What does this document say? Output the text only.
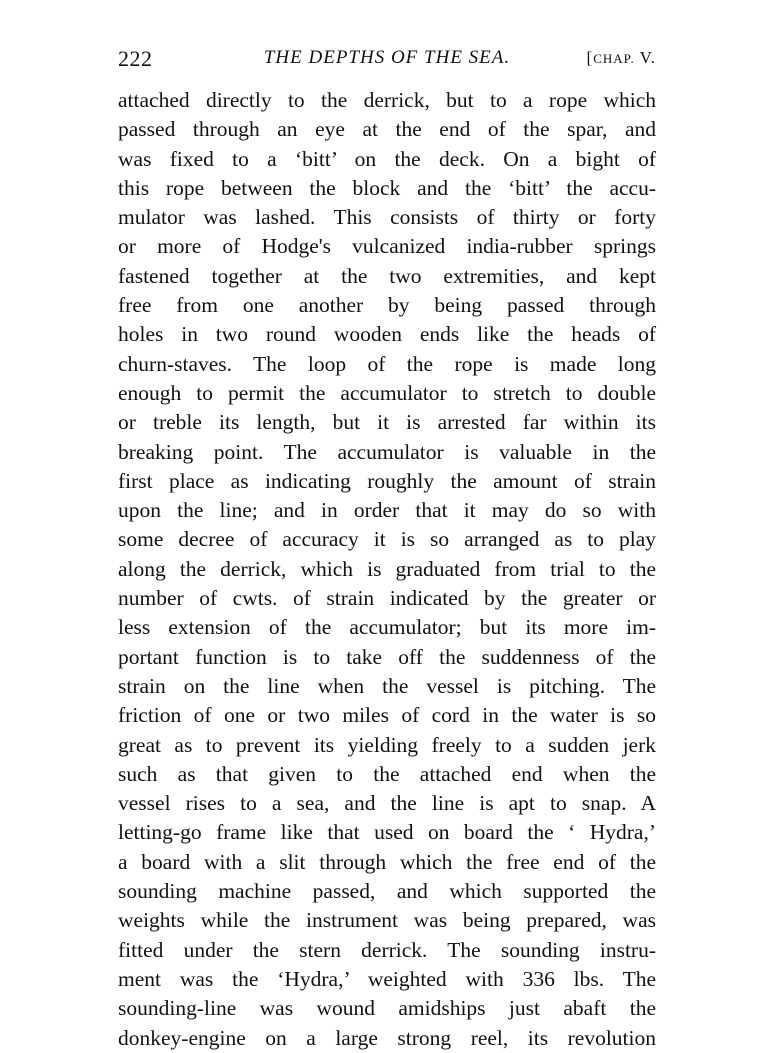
222	THE DEPTHS OF THE SEA.	[CHAP. V.
attached directly to the derrick, but to a rope which
passed through an eye at the end of the spar, and
was fixed to a ‘bitt’ on the deck. On a bight of
this rope between the block and the ‘bitt’ the accu-
mulator was lashed. This consists of thirty or forty
or more of Hodge's vulcanized india-rubber springs
fastened together at the two extremities, and kept
free from one another by being passed through
holes in two round wooden ends like the heads of
churn-staves. The loop of the rope is made long
enough to permit the accumulator to stretch to double
or treble its length, but it is arrested far within its
breaking point. The accumulator is valuable in the
first place as indicating roughly the amount of strain
upon the line; and in order that it may do so with
some decree of accuracy it is so arranged as to play
along the derrick, which is graduated from trial to the
number of cwts. of strain indicated by the greater or
less extension of the accumulator; but its more im-
portant function is to take off the suddenness of the
strain on the line when the vessel is pitching. The
friction of one or two miles of cord in the water is so
great as to prevent its yielding freely to a sudden jerk
such as that given to the attached end when the
vessel rises to a sea, and the line is apt to snap. A
letting-go frame like that used on board the ‘ Hydra,’
a board with a slit through which the free end of the
sounding machine passed, and which supported the
weights while the instrument was being prepared, was
fitted under the stern derrick. The sounding instru-
ment was the ‘Hydra,’ weighted with 336 lbs. The
sounding-line was wound amidships just abaft the
donkey-engine on a large strong reel, its revolution
